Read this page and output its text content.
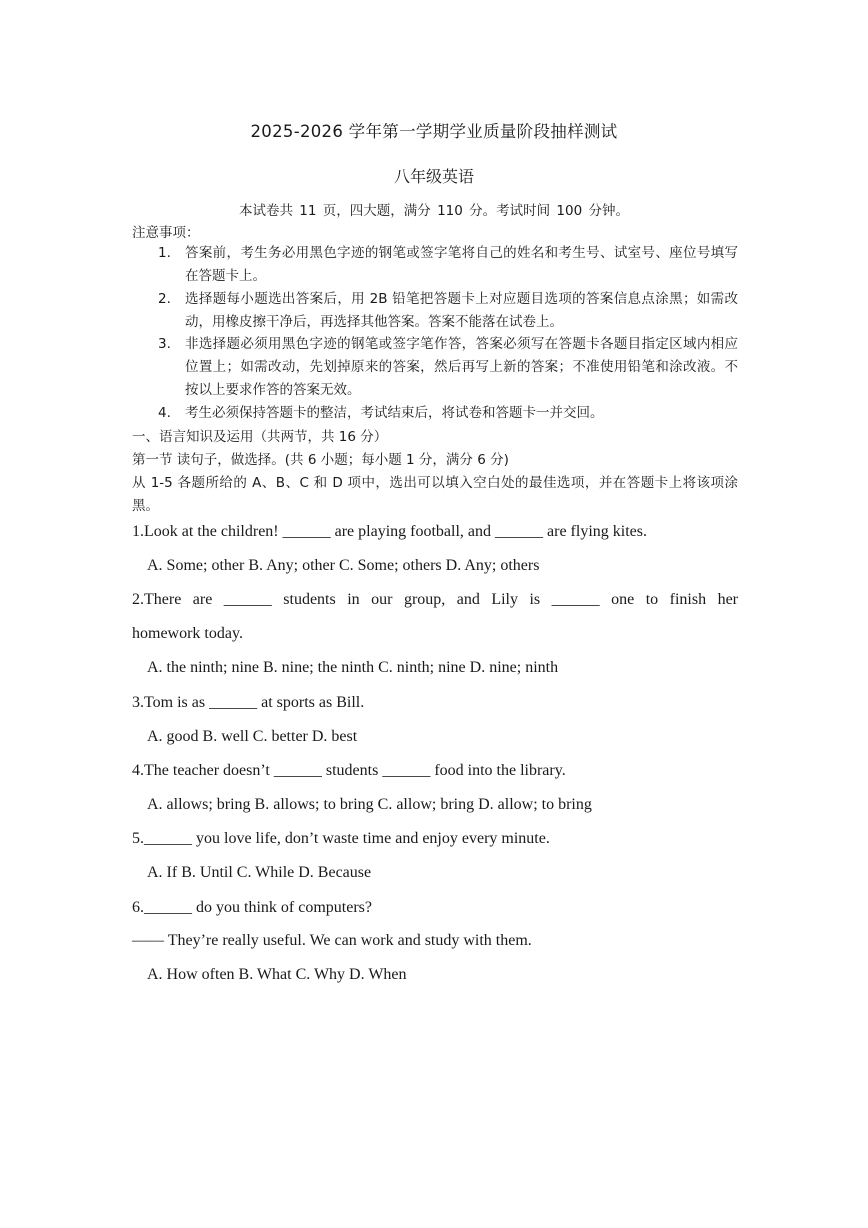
2025-2026 学年第一学期学业质量阶段抽样测试
八年级英语
本试卷共 11 页，四大题，满分 110 分。考试时间 100 分钟。
注意事项：
1. 答案前，考生务必用黑色字迹的钢笔或签字笔将自己的姓名和考生号、试室号、座位号填写在答题卡上。
2. 选择题每小题选出答案后，用 2B 铅笔把答题卡上对应题目选项的答案信息点涂黑；如需改动，用橡皮擦干净后，再选择其他答案。答案不能落在试卷上。
3. 非选择题必须用黑色字迹的钢笔或签字笔作答，答案必须写在答题卡各题目指定区域内相应位置上；如需改动，先划掉原来的答案，然后再写上新的答案；不准使用铅笔和涂改液。不按以上要求作答的答案无效。
4. 考生必须保持答题卡的整洁，考试结束后，将试卷和答题卡一并交回。
一、语言知识及运用（共两节，共 16 分）
第一节 读句子，做选择。(共 6 小题；每小题 1 分，满分 6 分)
从 1-5 各题所给的 A、B、C 和 D 项中，选出可以填入空白处的最佳选项，并在答题卡上将该项涂黑。
1.Look at the children! ______ are playing football, and ______ are flying kites.
A. Some; other B. Any; other C. Some; others D. Any; others
2.There are ______ students in our group, and Lily is ______ one to finish her
homework today.
A. the ninth; nine B. nine; the ninth C. ninth; nine D. nine; ninth
3.Tom is as ______ at sports as Bill.
A. good B. well C. better D. best
4.The teacher doesn’t ______ students ______ food into the library.
A. allows; bring B. allows; to bring C. allow; bring D. allow; to bring
5.______ you love life, don’t waste time and enjoy every minute.
A. If B. Until C. While D. Because
6.______ do you think of computers?
—— They’re really useful. We can work and study with them.
A. How often B. What C. Why D. When
